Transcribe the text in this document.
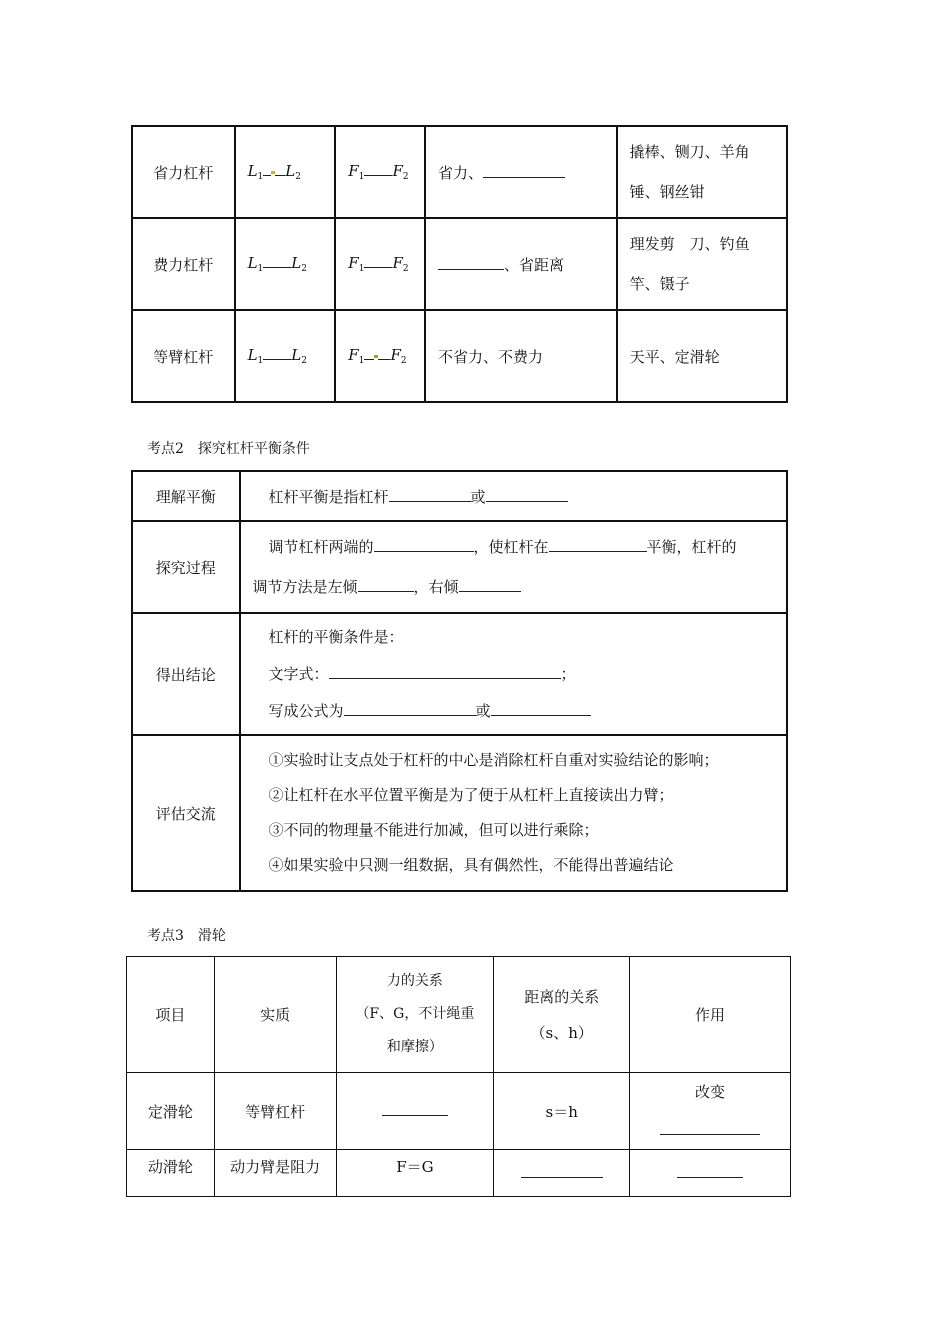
省力杠杆	$L_1$ $L_2$	$F_1$ $F_2$	省力、	撬棒、铡刀、羊角
锤、钢丝钳
费力杠杆	$L_1$ $L_2$	$F_1$ $F_2$	、省距离	理发剪　刀、钓鱼
竿、镊子
等臂杠杆	$L_1$ $L_2$	$F_1$ $F_2$	不省力、不费力	天平、定滑轮
考点2　探究杠杆平衡条件
理解平衡	杠杆平衡是指杠杆 或
探究过程	调节杠杆两端的 ，使杠杆在 平衡，杠杆的
调节方法是左倾 ，右倾
得出结论	杠杆的平衡条件是：
文字式： ；
写成公式为 或
评估交流	①实验时让支点处于杠杆的中心是消除杠杆自重对实验结论的影响；
②让杠杆在水平位置平衡是为了便于从杠杆上直接读出力臂；
③不同的物理量不能进行加减，但可以进行乘除；
④如果实验中只测一组数据，具有偶然性，不能得出普遍结论
考点3　滑轮
项目	实质	力的关系
（F、G，不计绳重
和摩擦）	距离的关系
（s、h）	作用
定滑轮	等臂杠杆		s＝h	改变

动滑轮	动力臂是阻力	F＝G		
